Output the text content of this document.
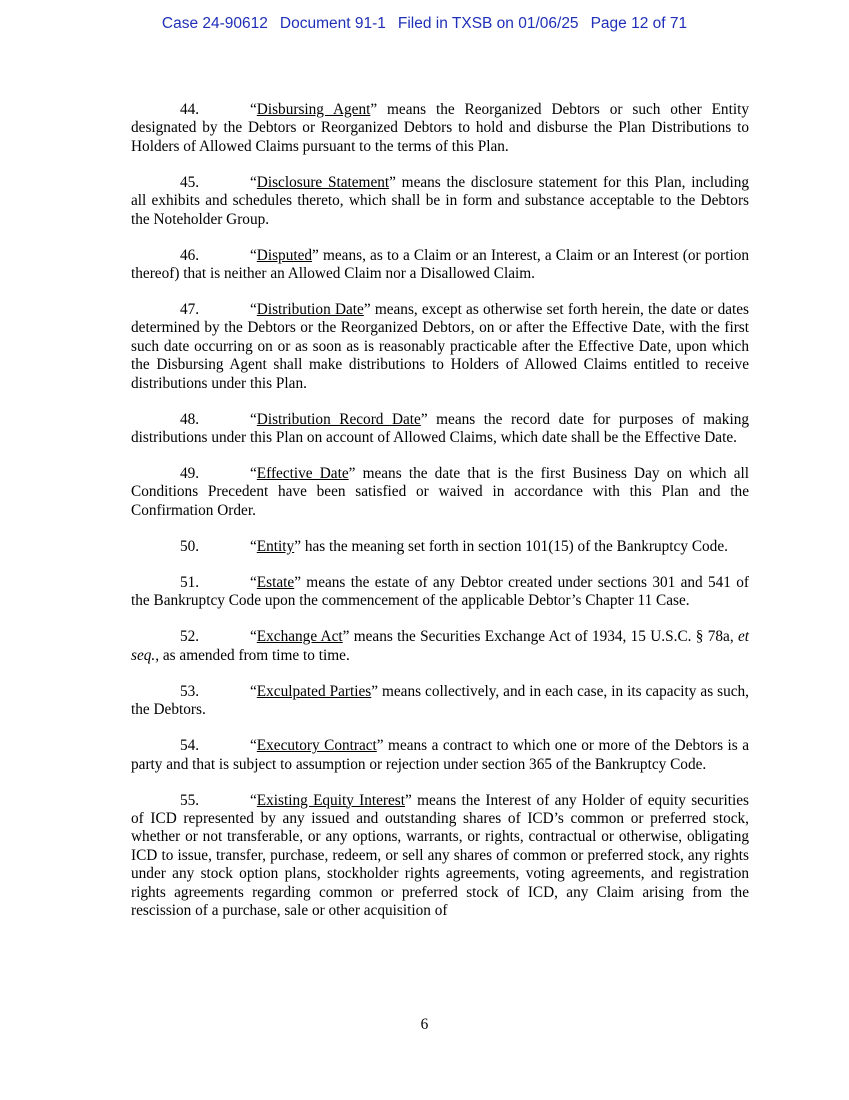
Case 24-90612 Document 91-1 Filed in TXSB on 01/06/25 Page 12 of 71

44.	“Disbursing Agent” means the Reorganized Debtors or such other Entity designated by the Debtors or Reorganized Debtors to hold and disburse the Plan Distributions to Holders of Allowed Claims pursuant to the terms of this Plan.

45.	“Disclosure Statement” means the disclosure statement for this Plan, including all exhibits and schedules thereto, which shall be in form and substance acceptable to the Debtors the Noteholder Group.

46.	“Disputed” means, as to a Claim or an Interest, a Claim or an Interest (or portion thereof) that is neither an Allowed Claim nor a Disallowed Claim.

47.	“Distribution Date” means, except as otherwise set forth herein, the date or dates determined by the Debtors or the Reorganized Debtors, on or after the Effective Date, with the first such date occurring on or as soon as is reasonably practicable after the Effective Date, upon which the Disbursing Agent shall make distributions to Holders of Allowed Claims entitled to receive distributions under this Plan.

48.	“Distribution Record Date” means the record date for purposes of making distributions under this Plan on account of Allowed Claims, which date shall be the Effective Date.

49.	“Effective Date” means the date that is the first Business Day on which all Conditions Precedent have been satisfied or waived in accordance with this Plan and the Confirmation Order.

50.	“Entity” has the meaning set forth in section 101(15) of the Bankruptcy Code.

51.	“Estate” means the estate of any Debtor created under sections 301 and 541 of the Bankruptcy Code upon the commencement of the applicable Debtor’s Chapter 11 Case.

52.	“Exchange Act” means the Securities Exchange Act of 1934, 15 U.S.C. § 78a, et seq., as amended from time to time.

53.	“Exculpated Parties” means collectively, and in each case, in its capacity as such, the Debtors.

54.	“Executory Contract” means a contract to which one or more of the Debtors is a party and that is subject to assumption or rejection under section 365 of the Bankruptcy Code.

55.	“Existing Equity Interest” means the Interest of any Holder of equity securities of ICD represented by any issued and outstanding shares of ICD’s common or preferred stock, whether or not transferable, or any options, warrants, or rights, contractual or otherwise, obligating ICD to issue, transfer, purchase, redeem, or sell any shares of common or preferred stock, any rights under any stock option plans, stockholder rights agreements, voting agreements, and registration rights agreements regarding common or preferred stock of ICD, any Claim arising from the rescission of a purchase, sale or other acquisition of

6
